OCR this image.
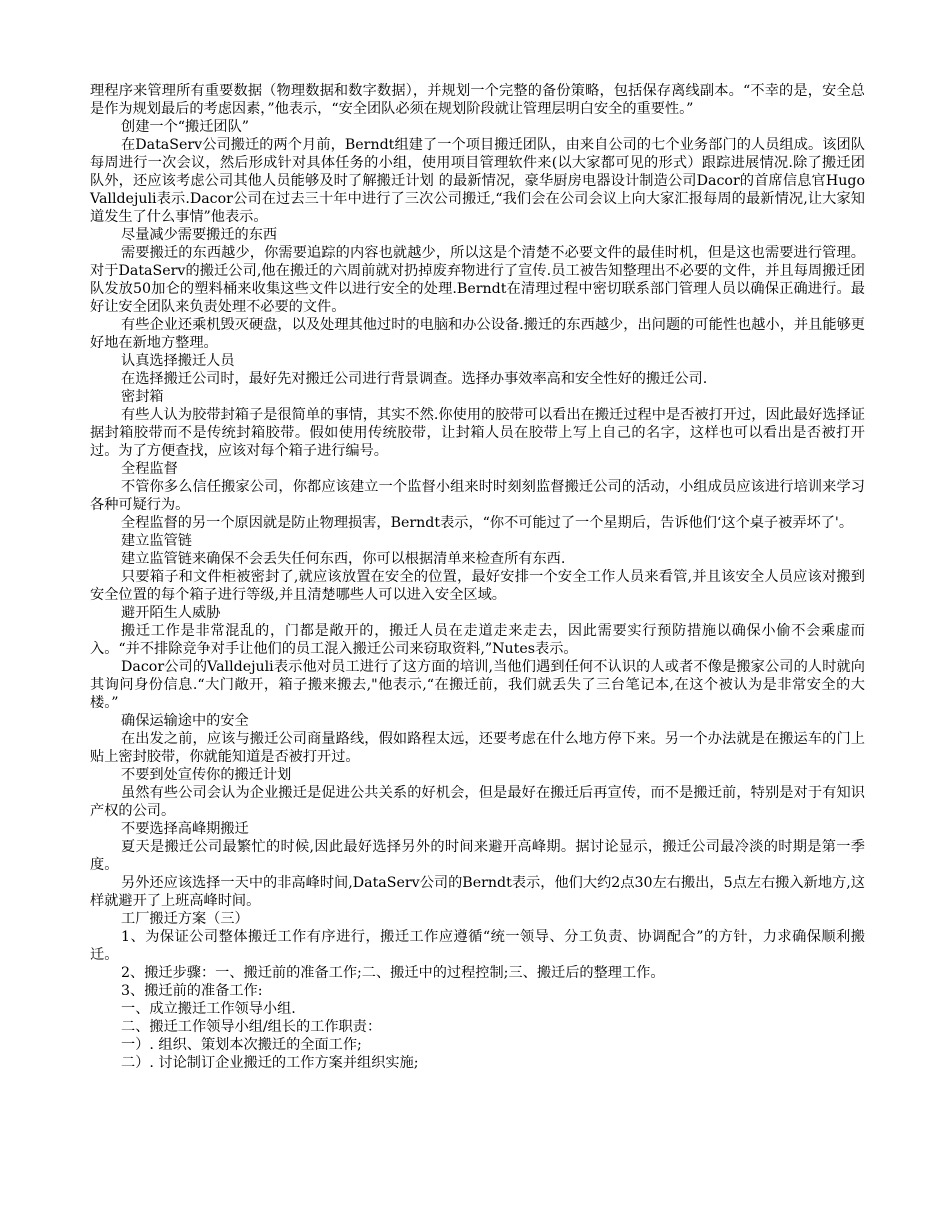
理程序来管理所有重要数据（物理数据和数字数据），并规划一个完整的备份策略，包括保存离线副本。“不幸的是，安全总是作为规划最后的考虑因素，”他表示，“安全团队必须在规划阶段就让管理层明白安全的重要性。”

创建一个“搬迁团队”

在DataServ公司搬迁的两个月前，Berndt组建了一个项目搬迁团队，由来自公司的七个业务部门的人员组成。该团队每周进行一次会议，然后形成针对具体任务的小组，使用项目管理软件来(以大家都可见的形式）跟踪进展情况.除了搬迁团队外，还应该考虑公司其他人员能够及时了解搬迁计划 的最新情况，豪华厨房电器设计制造公司Dacor的首席信息官Hugo Valldejuli表示.Dacor公司在过去三十年中进行了三次公司搬迁,“我们会在公司会议上向大家汇报每周的最新情况,让大家知道发生了什么事情”他表示。

尽量减少需要搬迁的东西

需要搬迁的东西越少，你需要追踪的内容也就越少，所以这是个清楚不必要文件的最佳时机，但是这也需要进行管理。对于DataServ的搬迁公司,他在搬迁的六周前就对扔掉废弃物进行了宣传.员工被告知整理出不必要的文件，并且每周搬迁团队发放50加仑的塑料桶来收集这些文件以进行安全的处理.Berndt在清理过程中密切联系部门管理人员以确保正确进行。最好让安全团队来负责处理不必要的文件。

有些企业还乘机毁灭硬盘，以及处理其他过时的电脑和办公设备.搬迁的东西越少，出问题的可能性也越小，并且能够更好地在新地方整理。

认真选择搬迁人员

在选择搬迁公司时，最好先对搬迁公司进行背景调查。选择办事效率高和安全性好的搬迁公司.

密封箱

有些人认为胶带封箱子是很简单的事情，其实不然.你使用的胶带可以看出在搬迁过程中是否被打开过，因此最好选择证据封箱胶带而不是传统封箱胶带。假如使用传统胶带，让封箱人员在胶带上写上自己的名字，这样也可以看出是否被打开过。为了方便查找，应该对每个箱子进行编号。

全程监督

不管你多么信任搬家公司，你都应该建立一个监督小组来时时刻刻监督搬迁公司的活动，小组成员应该进行培训来学习各种可疑行为。

全程监督的另一个原因就是防止物理损害，Berndt表示，“你不可能过了一个星期后，告诉他们‘这个桌子被弄坏了'。

建立监管链

建立监管链来确保不会丢失任何东西，你可以根据清单来检查所有东西.

只要箱子和文件柜被密封了,就应该放置在安全的位置，最好安排一个安全工作人员来看管,并且该安全人员应该对搬到安全位置的每个箱子进行等级,并且清楚哪些人可以进入安全区域。

避开陌生人威胁

搬迁工作是非常混乱的，门都是敞开的，搬迁人员在走道走来走去，因此需要实行预防措施以确保小偷不会乘虚而入。“并不排除竞争对手让他们的员工混入搬迁公司来窃取资料,”Nutes表示。

Dacor公司的Valldejuli表示他对员工进行了这方面的培训,当他们遇到任何不认识的人或者不像是搬家公司的人时就向其询问身份信息.“大门敞开，箱子搬来搬去,"他表示,“在搬迁前，我们就丢失了三台笔记本,在这个被认为是非常安全的大楼。”

确保运输途中的安全

在出发之前，应该与搬迁公司商量路线，假如路程太远，还要考虑在什么地方停下来。另一个办法就是在搬运车的门上贴上密封胶带，你就能知道是否被打开过。

不要到处宣传你的搬迁计划

虽然有些公司会认为企业搬迁是促进公共关系的好机会，但是最好在搬迁后再宣传，而不是搬迁前，特别是对于有知识产权的公司。

不要选择高峰期搬迁

夏天是搬迁公司最繁忙的时候,因此最好选择另外的时间来避开高峰期。据讨论显示，搬迁公司最冷淡的时期是第一季度。

另外还应该选择一天中的非高峰时间,DataServ公司的Berndt表示，他们大约2点30左右搬出，5点左右搬入新地方,这样就避开了上班高峰时间。

工厂搬迁方案（三）

1、为保证公司整体搬迁工作有序进行，搬迁工作应遵循“统一领导、分工负责、协调配合”的方针，力求确保顺利搬迁。

2、搬迁步骤：一、搬迁前的准备工作;二、搬迁中的过程控制;三、搬迁后的整理工作。

3、搬迁前的准备工作:

一、成立搬迁工作领导小组.

二、搬迁工作领导小组/组长的工作职责：

一）. 组织、策划本次搬迁的全面工作;

二）. 讨论制订企业搬迁的工作方案并组织实施;
